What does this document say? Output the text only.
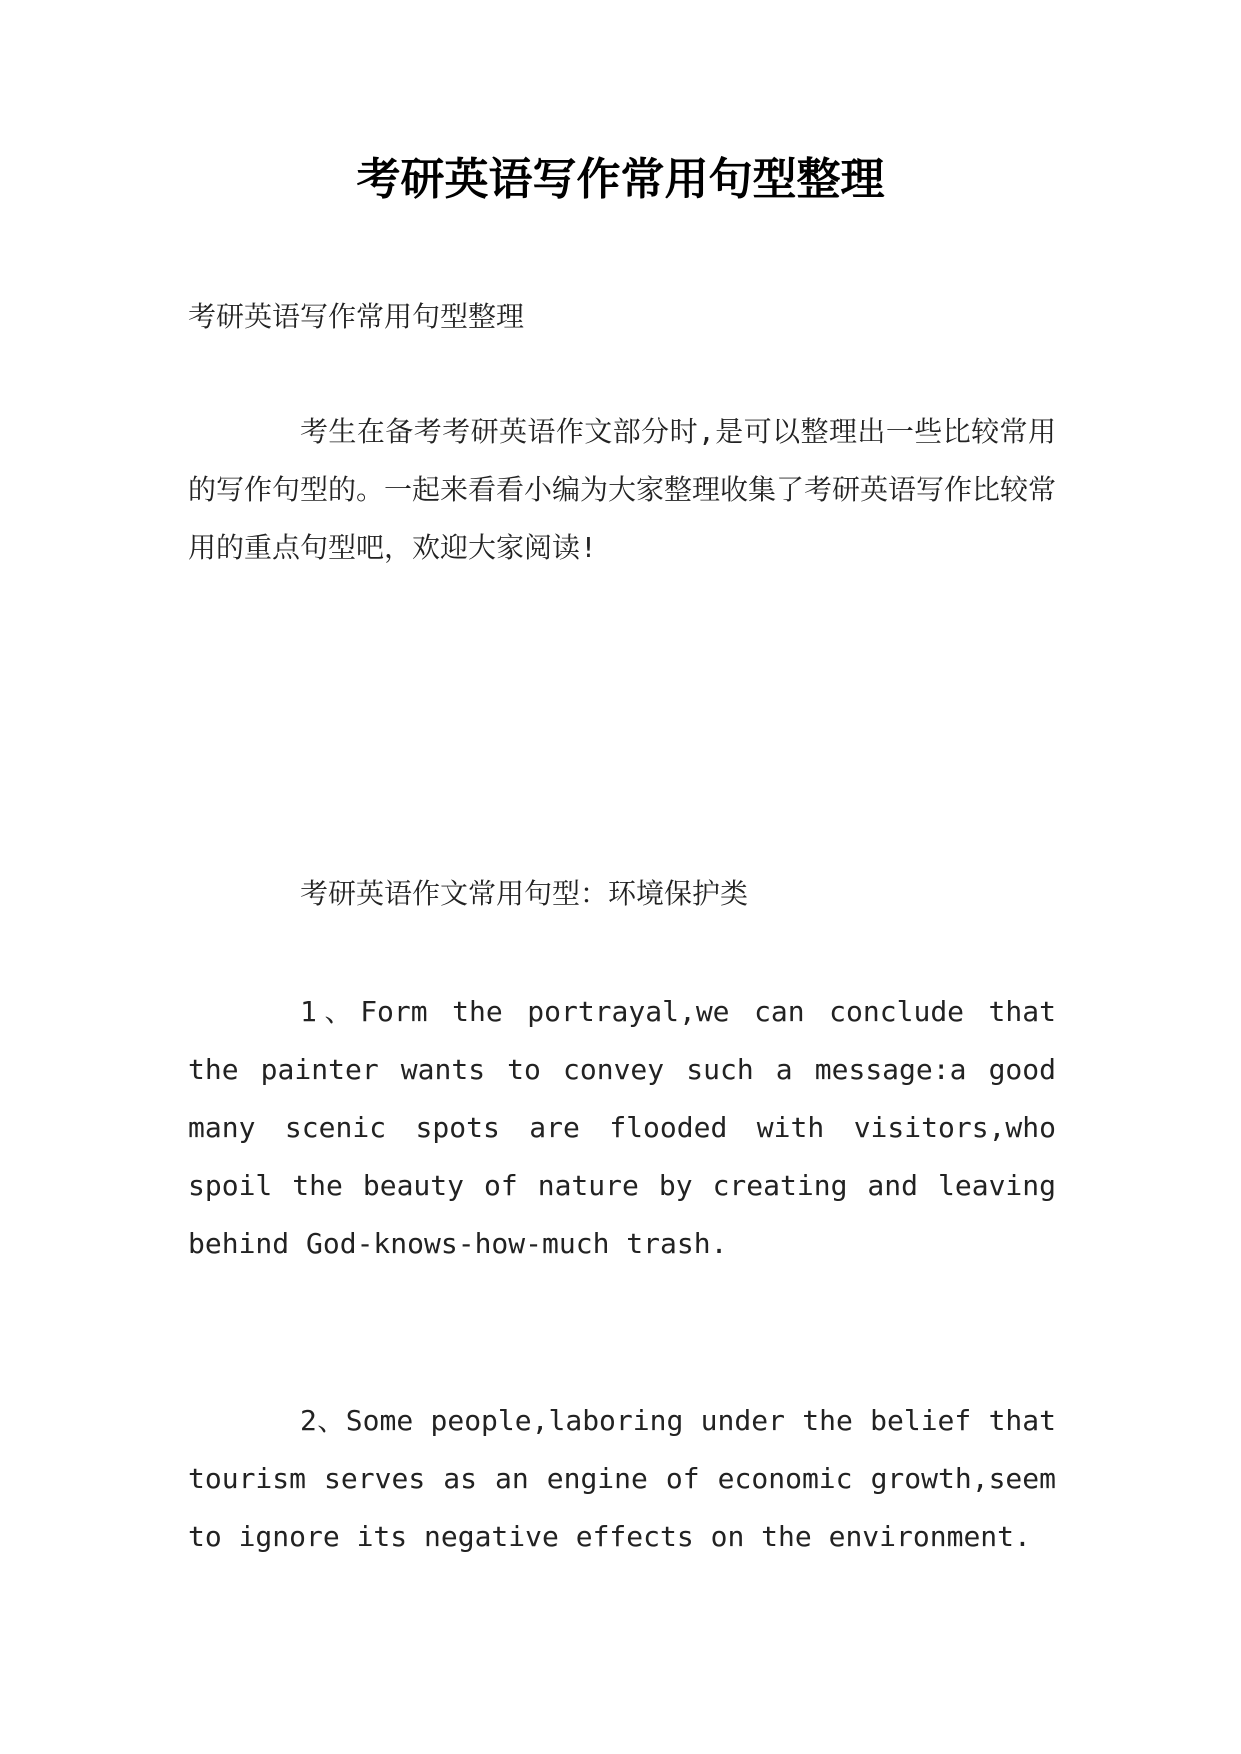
考研英语写作常用句型整理

考研英语写作常用句型整理

考生在备考考研英语作文部分时,是可以整理出一些比较常用的写作句型的。一起来看看小编为大家整理收集了考研英语写作比较常用的重点句型吧，欢迎大家阅读!

考研英语作文常用句型：环境保护类

1、Form the portrayal,we can conclude that the painter wants to convey such a message:a good many scenic spots are flooded with visitors,who spoil the beauty of nature by creating and leaving behind God-knows-how-much trash.

2、Some people,laboring under the belief that tourism serves as an engine of economic growth,seem to ignore its negative effects on the environment.
